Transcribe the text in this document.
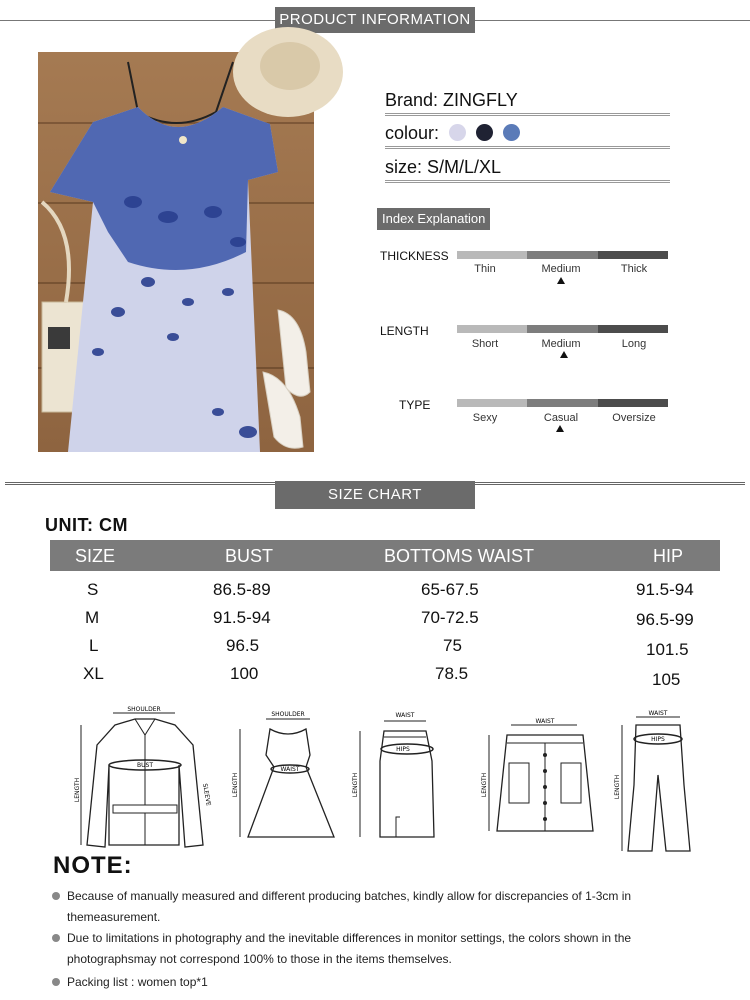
PRODUCT INFORMATION
Brand: ZINGFLY
colour:
size: S/M/L/XL
Index Explanation
THICKNESS
Thin	Medium	Thick
LENGTH
Short	Medium	Long
TYPE
Sexy	Casual	Oversize
SIZE CHART
UNIT: CM
SIZE	BUST	BOTTOMS WAIST	HIP
S	86.5-89	65-67.5	91.5-94
M	91.5-94	70-72.5	96.5-99
L	96.5	75	101.5
XL	100	78.5	105
SHOULDER
BUST
LENGTH	SLEEVE
SHOULDER
WAIST
LENGTH
WAIST
HIPS
LENGTH
WAIST
LENGTH
WAIST
HIPS
LENGTH
NOTE:
Because of manually measured and different producing batches, kindly allow for discrepancies of 1-3cm in
themeasurement.
Due to limitations in photography and the inevitable differences in monitor settings, the colors shown in the
photographsmay not correspond 100% to those in the items themselves.
Packing list : women top*1
